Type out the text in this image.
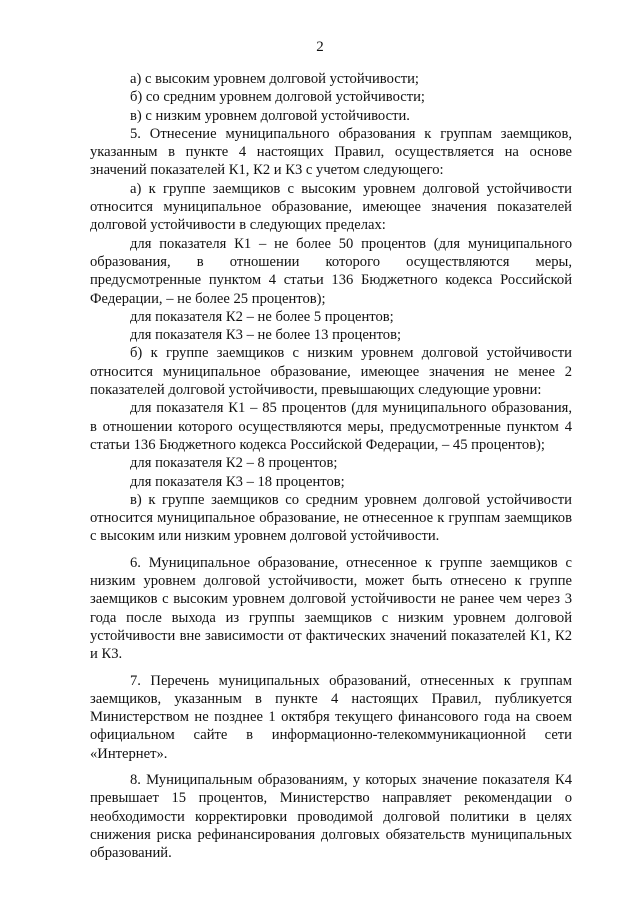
2

а) с высоким уровнем долговой устойчивости;

б) со средним уровнем долговой устойчивости;

в) с низким уровнем долговой устойчивости.

5. Отнесение муниципального образования к группам заемщиков, указанным в пункте 4 настоящих Правил, осуществляется на основе значений показателей К1, К2 и К3 с учетом следующего:

а) к группе заемщиков с высоким уровнем долговой устойчивости относится муниципальное образование, имеющее значения показателей долговой устойчивости в следующих пределах:

для показателя К1 – не более 50 процентов (для муниципального образования, в отношении которого осуществляются меры, предусмотренные пунктом 4 статьи 136 Бюджетного кодекса Российской Федерации, – не более 25 процентов);

для показателя К2 – не более 5 процентов;

для показателя К3 – не более 13 процентов;

б) к группе заемщиков с низким уровнем долговой устойчивости относится муниципальное образование, имеющее значения не менее 2 показателей долговой устойчивости, превышающих следующие уровни:

для показателя К1 – 85 процентов (для муниципального образования, в отношении которого осуществляются меры, предусмотренные пунктом 4 статьи 136 Бюджетного кодекса Российской Федерации, – 45 процентов);

для показателя К2 – 8 процентов;

для показателя К3 – 18 процентов;

в) к группе заемщиков со средним уровнем долговой устойчивости относится муниципальное образование, не отнесенное к группам заемщиков с высоким или низким уровнем долговой устойчивости.

6. Муниципальное образование, отнесенное к группе заемщиков с низким уровнем долговой устойчивости, может быть отнесено к группе заемщиков с высоким уровнем долговой устойчивости не ранее чем через 3 года после выхода из группы заемщиков с низким уровнем долговой устойчивости вне зависимости от фактических значений показателей К1, К2 и К3.

7. Перечень муниципальных образований, отнесенных к группам заемщиков, указанным в пункте 4 настоящих Правил, публикуется Министерством не позднее 1 октября текущего финансового года на своем официальном сайте в информационно-телекоммуникационной сети «Интернет».

8. Муниципальным образованиям, у которых значение показателя К4 превышает 15 процентов, Министерство направляет рекомендации о необходимости корректировки проводимой долговой политики в целях снижения риска рефинансирования долговых обязательств муниципальных образований.
